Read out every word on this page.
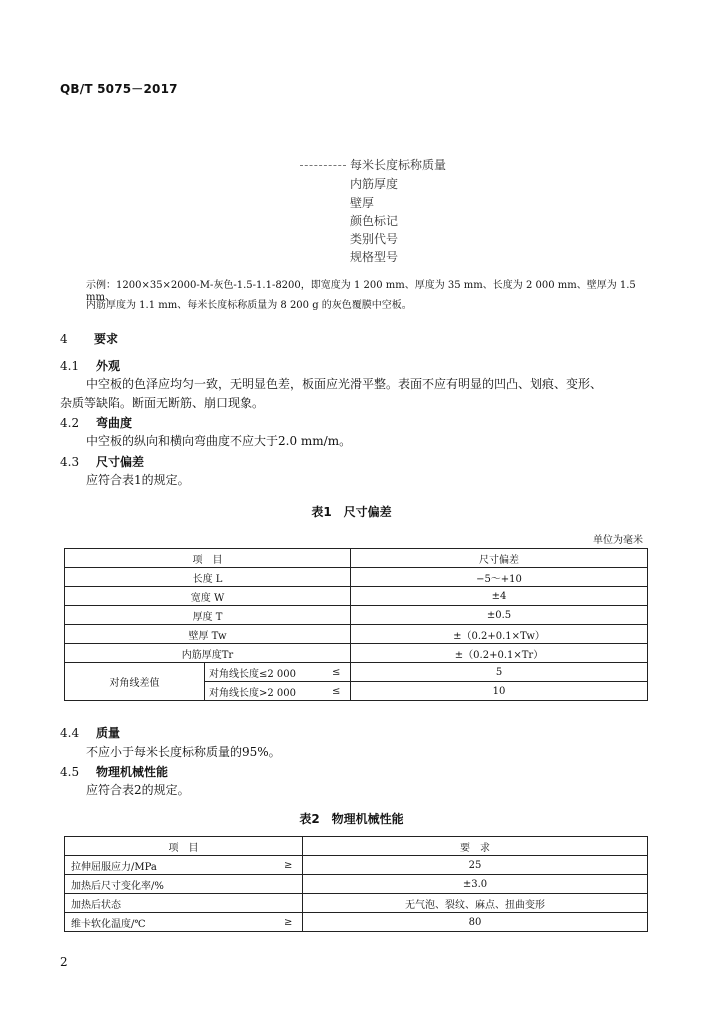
QB/T 5075－2017
每米长度标称质量
内筋厚度
壁厚
颜色标记
类别代号
规格型号
示例：1200×35×2000-M-灰色-1.5-1.1-8200，即宽度为 1 200 mm、厚度为 35 mm、长度为 2 000 mm、壁厚为 1.5 mm、
内筋厚度为 1.1 mm、每米长度标称质量为 8 200 g 的灰色覆膜中空板。
4 要求
4.1 外观
中空板的色泽应均匀一致，无明显色差，板面应光滑平整。表面不应有明显的凹凸、划痕、变形、
杂质等缺陷。断面无断筋、崩口现象。
4.2 弯曲度
中空板的纵向和横向弯曲度不应大于2.0 mm/m。
4.3 尺寸偏差
应符合表1的规定。
表1　尺寸偏差
单位为毫米
项　目			尺寸偏差
长度 L			−5～+10
宽度 W			±4
厚度 T			±0.5
壁厚 Tw			±（0.2+0.1×Tw）
内筋厚度Tr			±（0.2+0.1×Tr）
对角线差值	对角线长度≤2 000	≤	5
	对角线长度>2 000	≤	10
4.4 质量
不应小于每米长度标称质量的95%。
4.5 物理机械性能
应符合表2的规定。
表2　物理机械性能
项　目		要　求
拉伸屈服应力/MPa	≥	25
加热后尺寸变化率/%		±3.0
加热后状态		无气泡、裂纹、麻点、扭曲变形
维卡软化温度/℃	≥	80
2
